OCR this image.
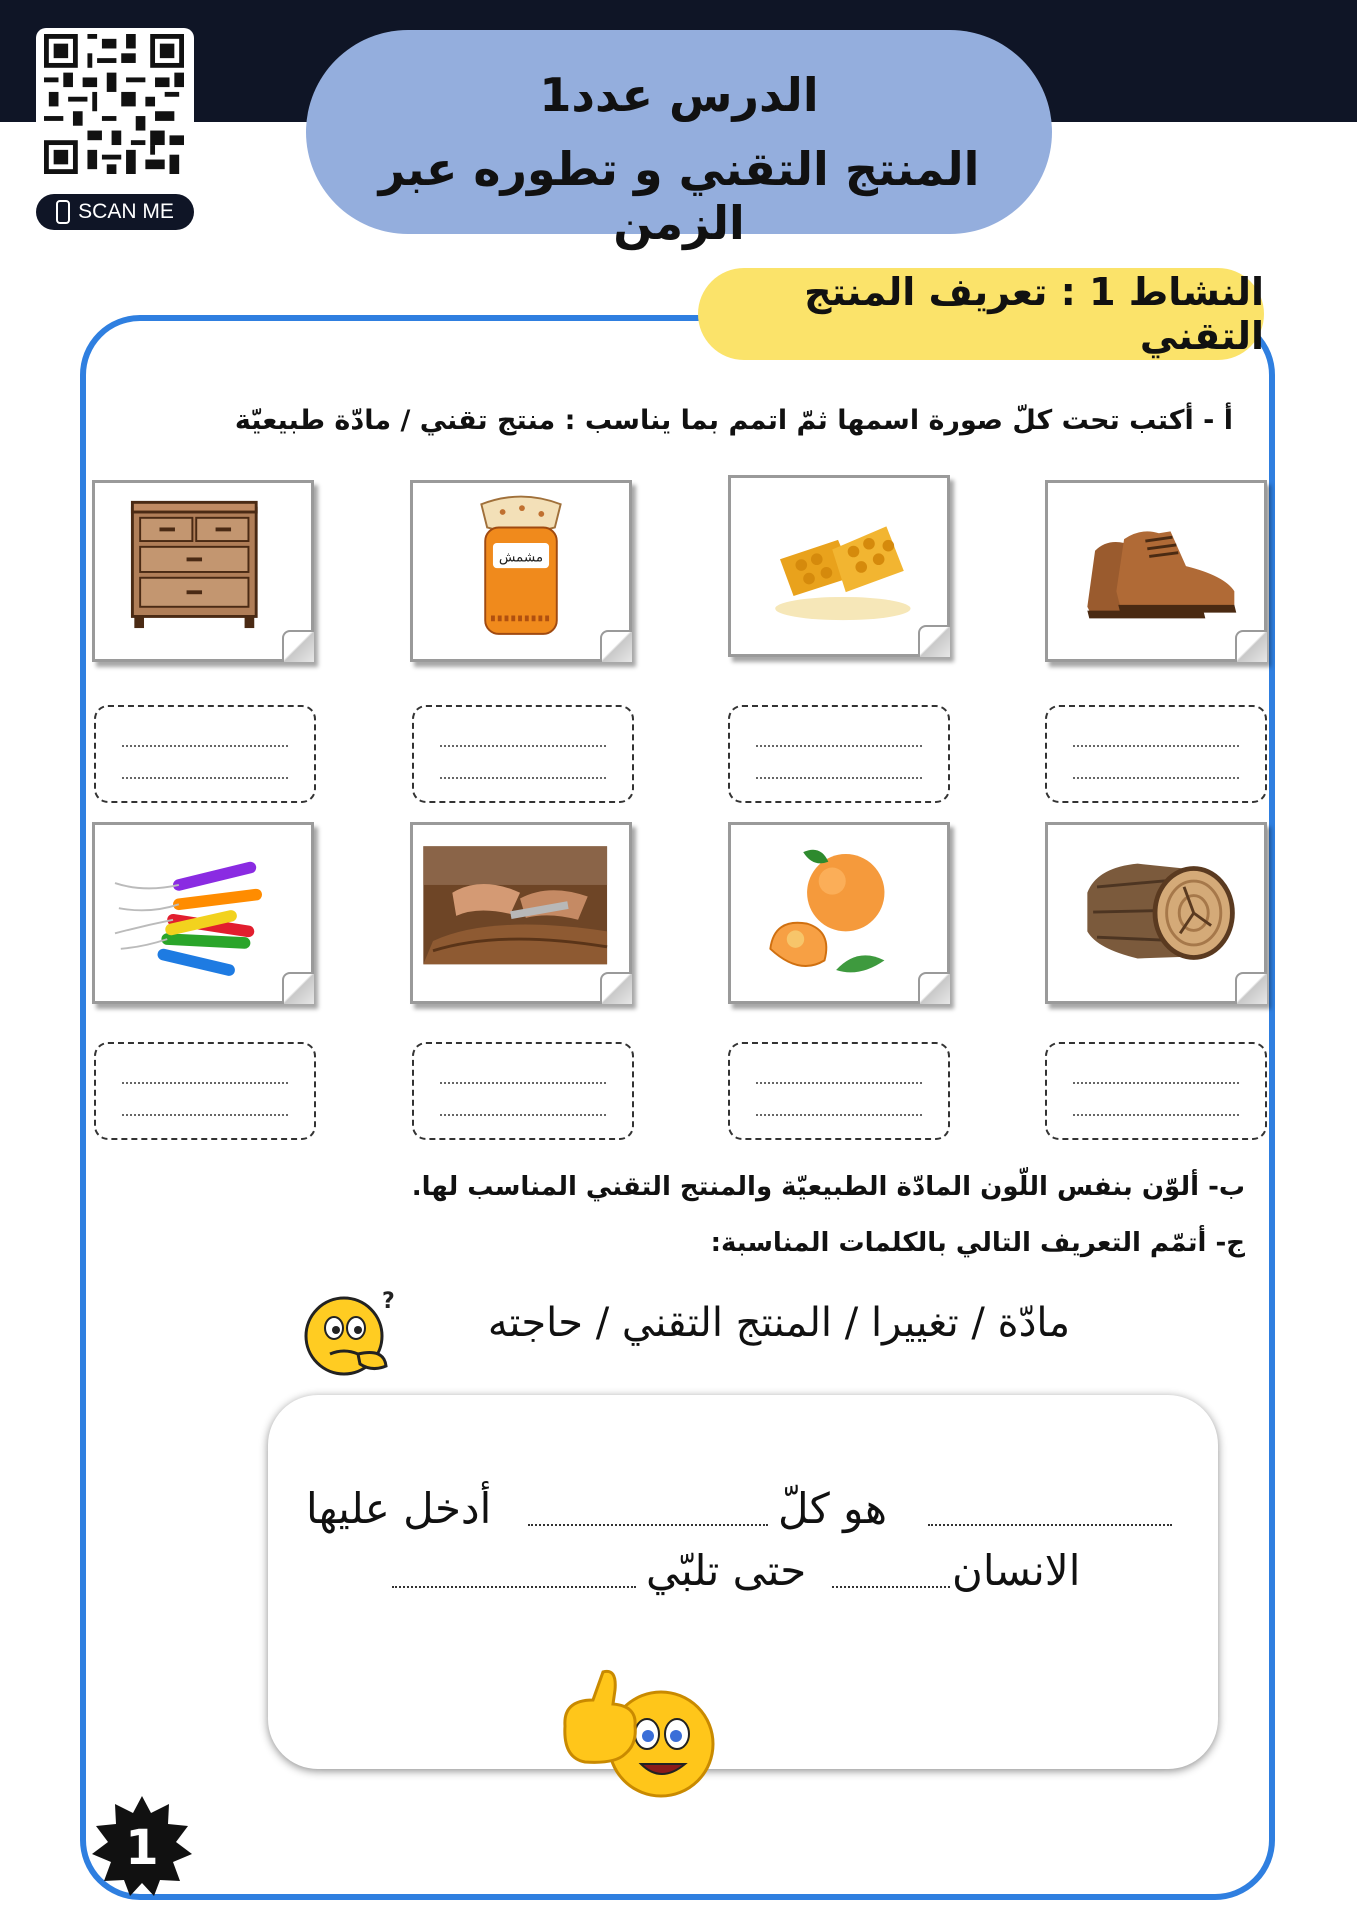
SCAN ME
الدرس عدد1
المنتج التقني و تطوره عبر الزمن
النشاط 1 : تعريف المنتج التقني
أ - أكتب تحت كلّ صورة اسمها ثمّ اتمم بما يناسب : منتج تقني / مادّة طبيعيّة
مشمش
ب- ألوّن بنفس اللّون المادّة الطبيعيّة والمنتج التقني المناسب لها.
ج- أتمّم التعريف التالي بالكلمات المناسبة:
?	مادّة / تغييرا / المنتج التقني / حاجته
هو كلّ
أدخل عليها
الانسان
حتى تلبّي
1
